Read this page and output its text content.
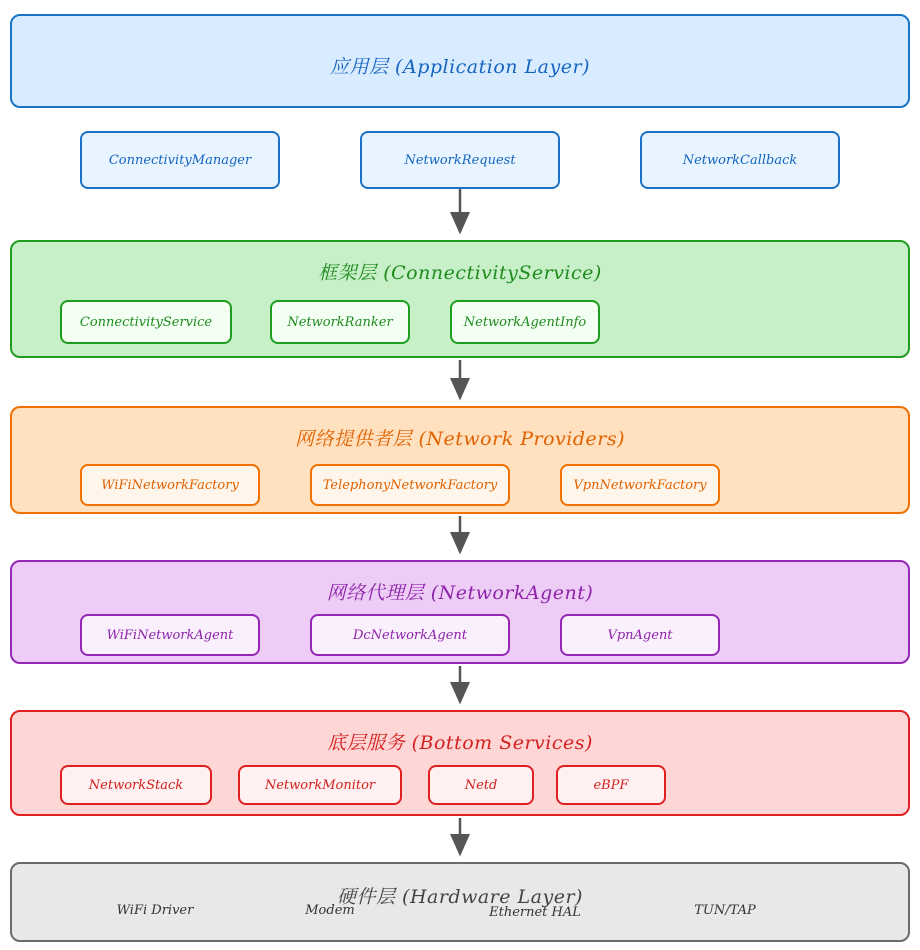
应用层 (Application Layer)
ConnectivityManager	NetworkRequest	NetworkCallback
框架层 (ConnectivityService)
ConnectivityService	NetworkRanker	NetworkAgentInfo
网络提供者层 (Network Providers)
WiFiNetworkFactory	TelephonyNetworkFactory	VpnNetworkFactory
网络代理层 (NetworkAgent)
WiFiNetworkAgent	DcNetworkAgent	VpnAgent
底层服务 (Bottom Services)
NetworkStack	NetworkMonitor	Netd	eBPF
硬件层 (Hardware Layer)
WiFi Driver	Modem	Ethernet HAL	TUN/TAP
